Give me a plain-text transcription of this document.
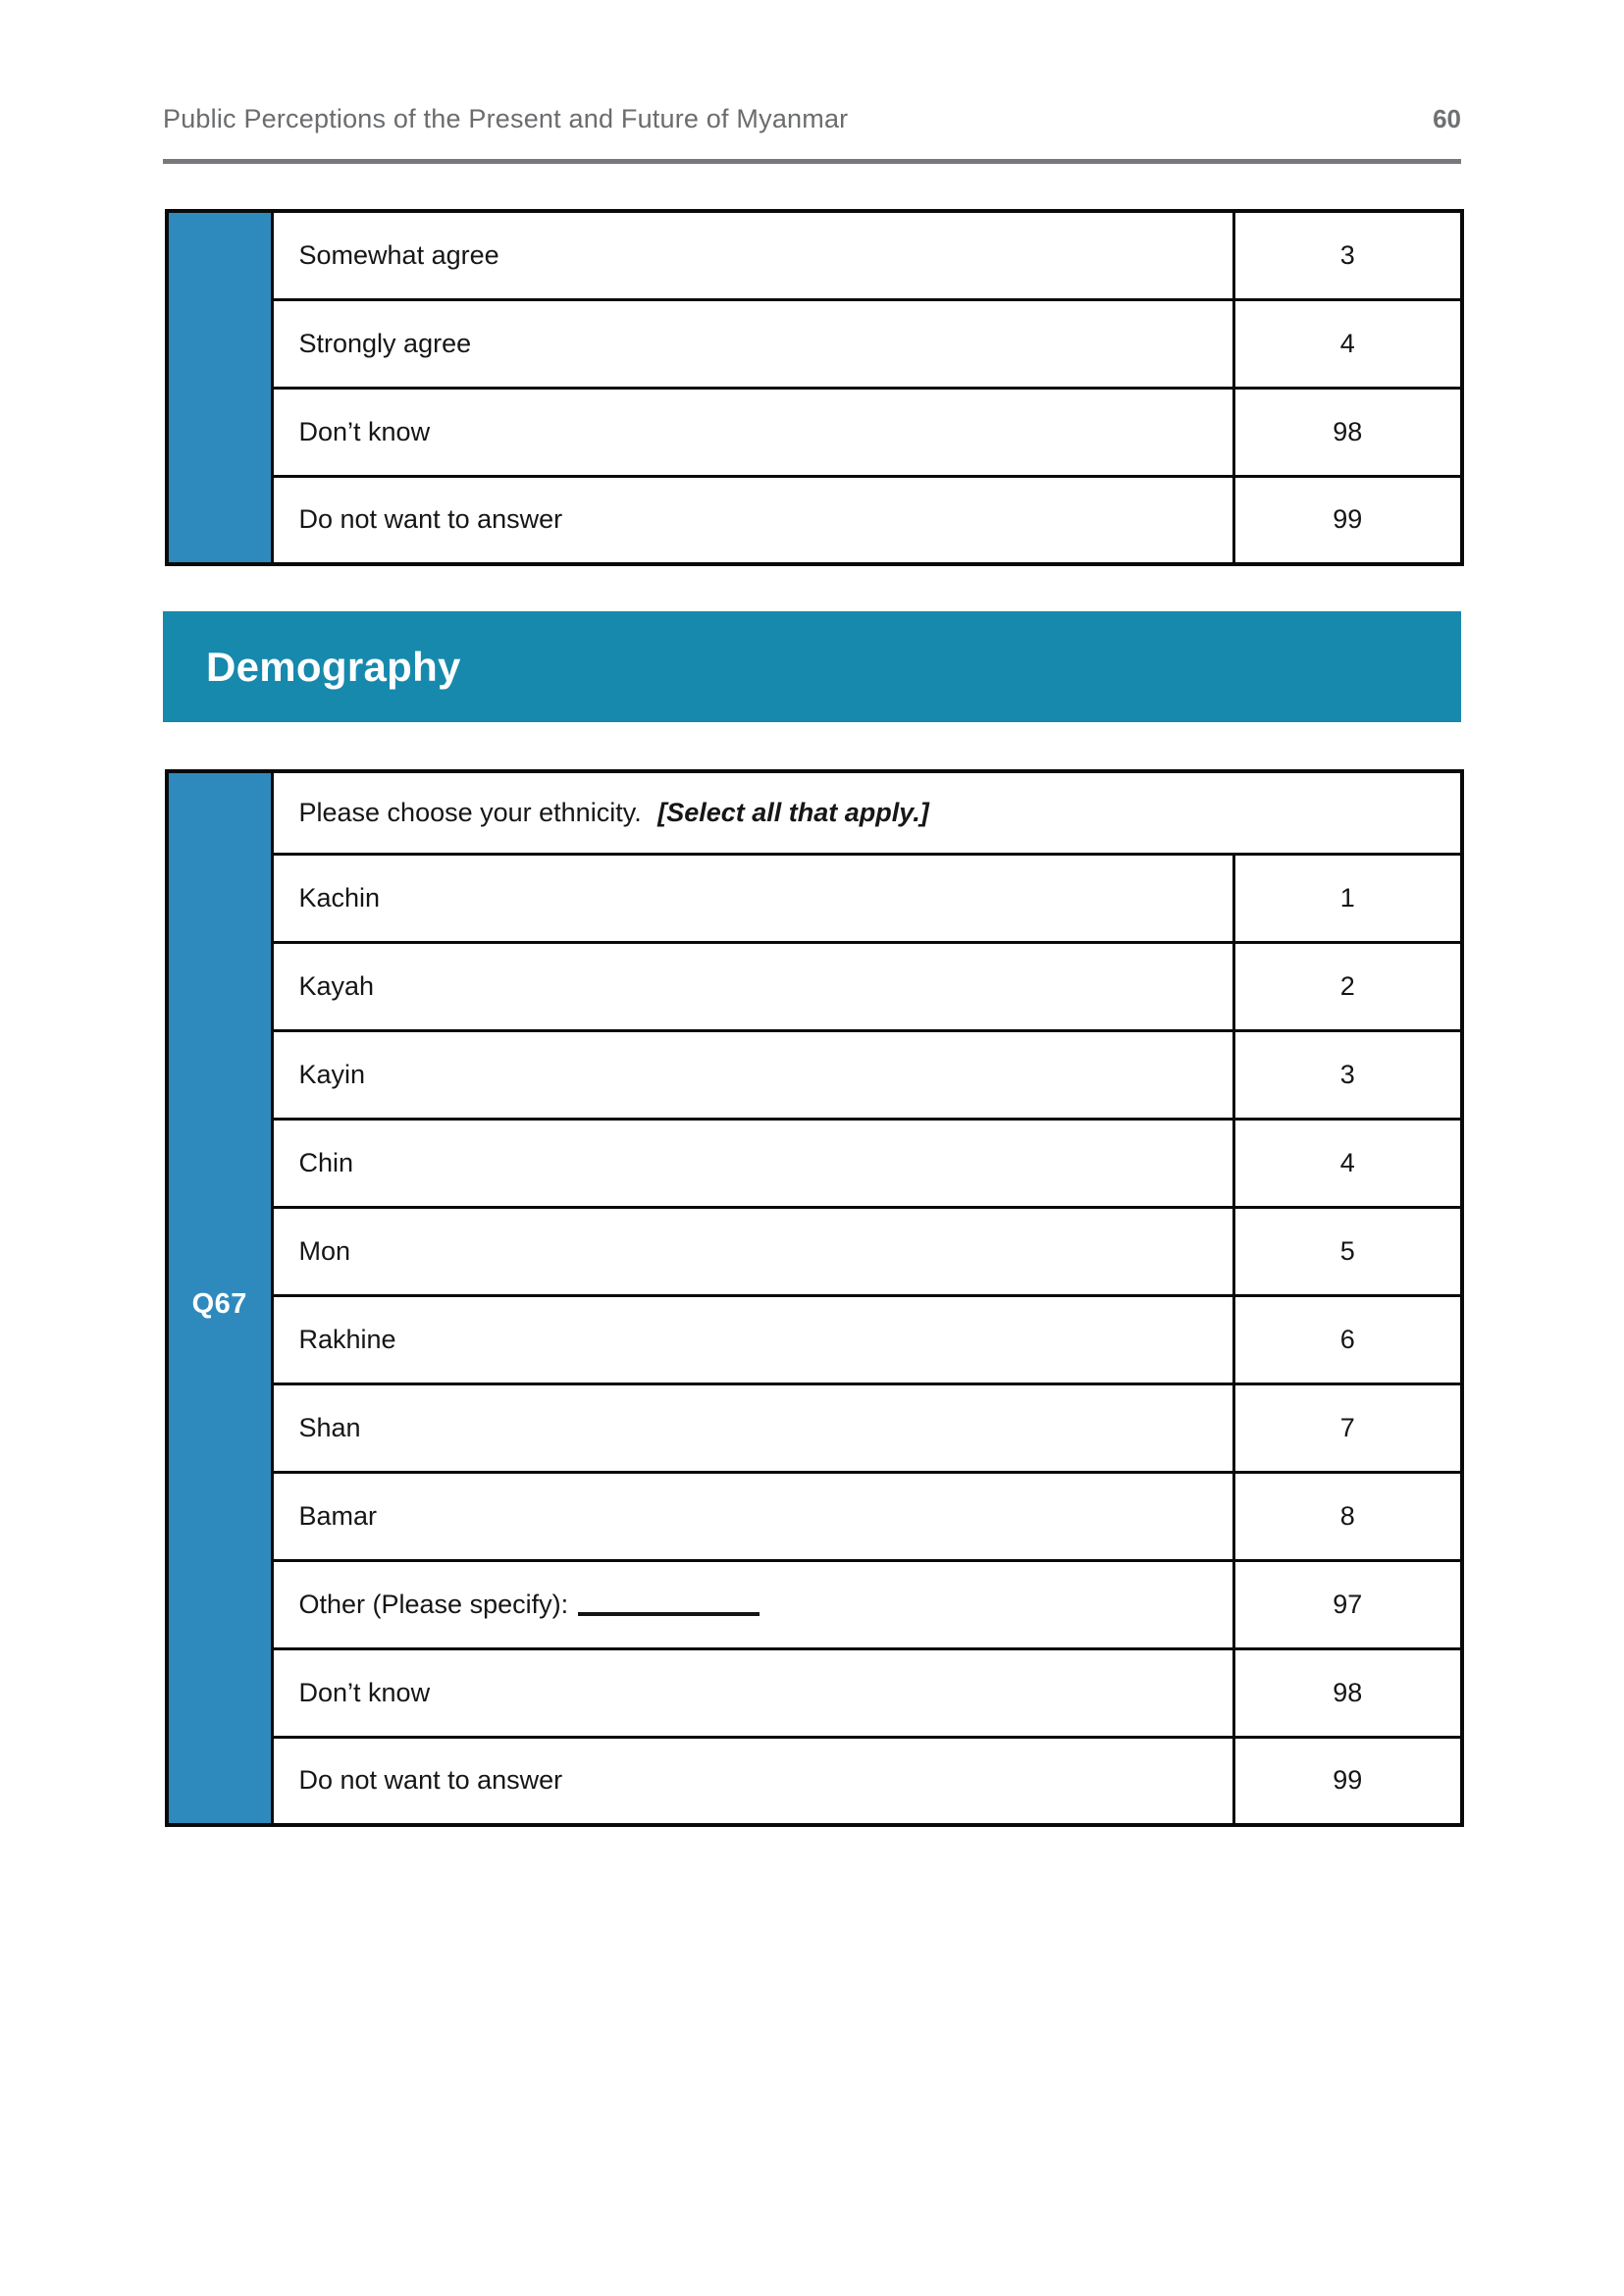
Public Perceptions of the Present and Future of Myanmar	60
	Somewhat agree	3
	Strongly agree	4
	Don’t know	98
	Do not want to answer	99
Demography
Q67	Please choose your ethnicity. [Select all that apply.]	
	Kachin	1
	Kayah	2
	Kayin	3
	Chin	4
	Mon	5
	Rakhine	6
	Shan	7
	Bamar	8
	Other (Please specify):	97
	Don’t know	98
	Do not want to answer	99
